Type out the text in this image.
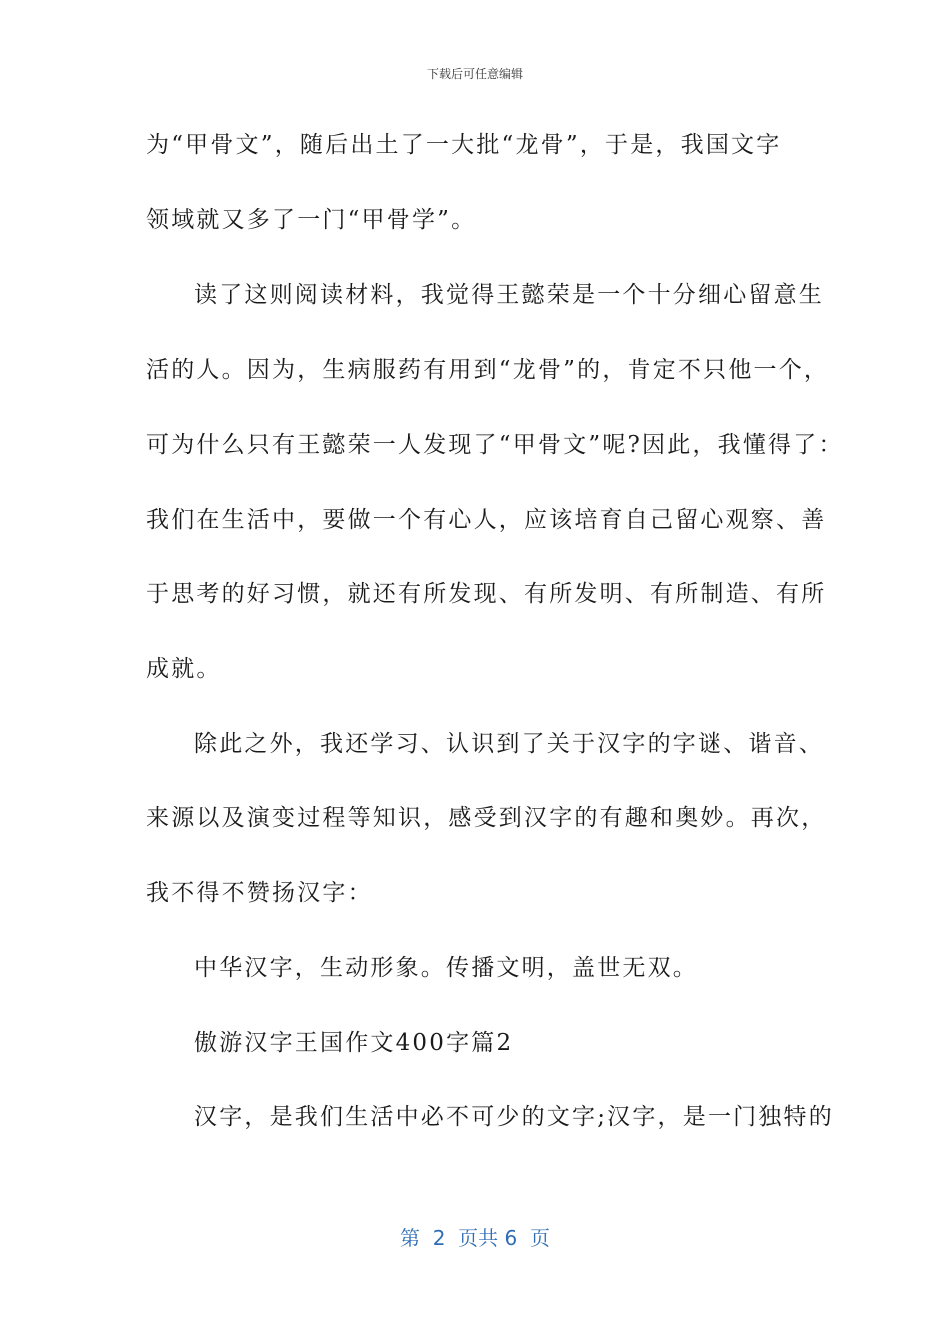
下载后可任意编辑
为“甲骨文”，随后出土了一大批“龙骨”，于是，我国文字
领域就又多了一门“甲骨学”。
读了这则阅读材料，我觉得王懿荣是一个十分细心留意生
活的人。因为，生病服药有用到“龙骨”的，肯定不只他一个，
可为什么只有王懿荣一人发现了“甲骨文”呢?因此，我懂得了：
我们在生活中，要做一个有心人，应该培育自己留心观察、善
于思考的好习惯，就还有所发现、有所发明、有所制造、有所
成就。
除此之外，我还学习、认识到了关于汉字的字谜、谐音、
来源以及演变过程等知识，感受到汉字的有趣和奥妙。再次，
我不得不赞扬汉字：
中华汉字，生动形象。传播文明，盖世无双。
傲游汉字王国作文400字篇2
汉字，是我们生活中必不可少的文字;汉字，是一门独特的
第  2  页共 6  页
